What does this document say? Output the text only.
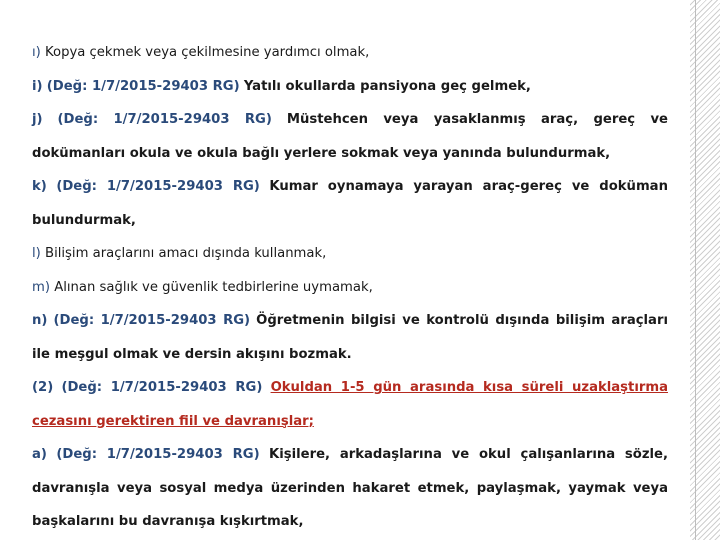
ı) Kopya çekmek veya çekilmesine yardımcı olmak,

i) (Değ: 1/7/2015-29403 RG) Yatılı okullarda pansiyona geç gelmek,

j) (Değ: 1/7/2015-29403 RG) Müstehcen veya yasaklanmış araç, gereç ve dokümanları okula ve okula bağlı yerlere sokmak veya yanında bulundurmak,

k) (Değ: 1/7/2015-29403 RG) Kumar oynamaya yarayan araç-gereç ve doküman bulundurmak,

l) Bilişim araçlarını amacı dışında kullanmak,

m) Alınan sağlık ve güvenlik tedbirlerine uymamak,

n) (Değ: 1/7/2015-29403 RG) Öğretmenin bilgisi ve kontrolü dışında bilişim araçları ile meşgul olmak ve dersin akışını bozmak.

(2) (Değ: 1/7/2015-29403 RG) Okuldan 1-5 gün arasında kısa süreli uzaklaştırma cezasını gerektiren fiil ve davranışlar;

a) (Değ: 1/7/2015-29403 RG) Kişilere, arkadaşlarına ve okul çalışanlarına sözle, davranışla veya sosyal medya üzerinden hakaret etmek, paylaşmak, yaymak veya başkalarını bu davranışa kışkırtmak,
